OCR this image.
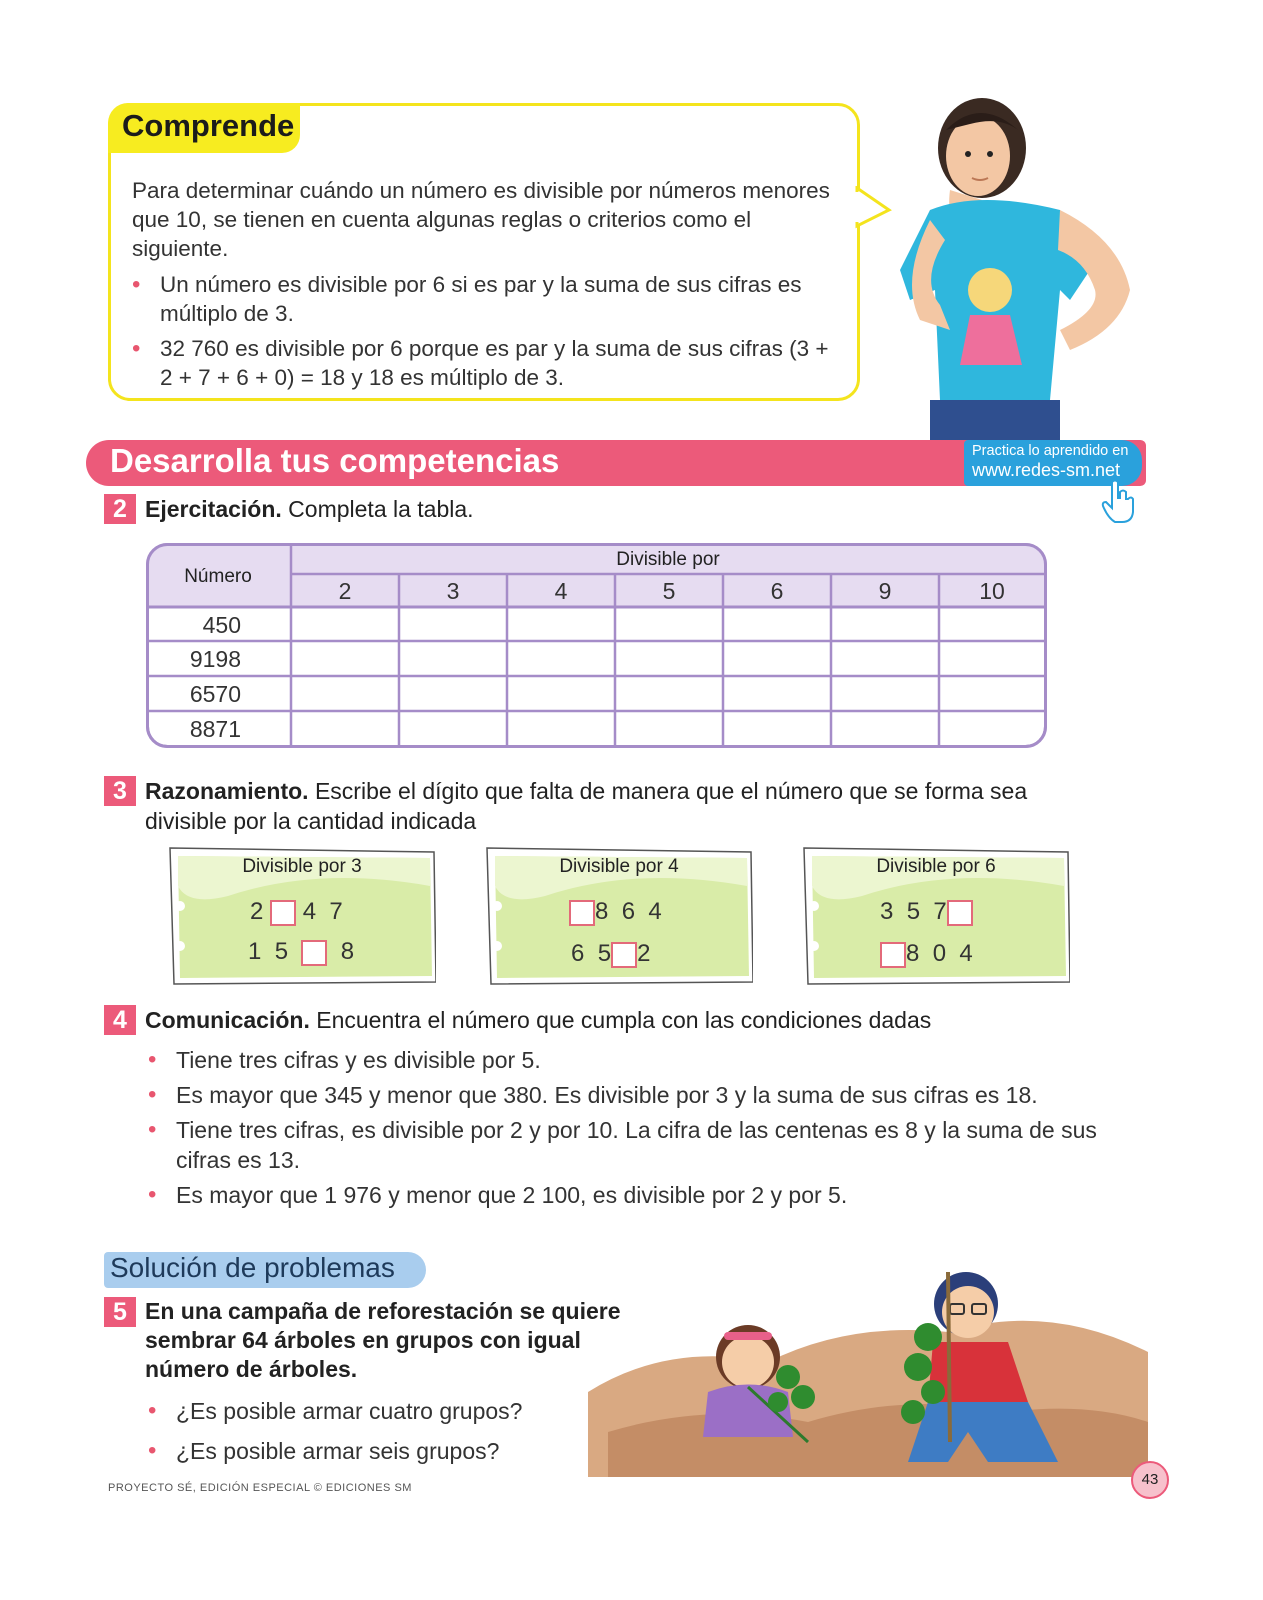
Comprende
Para determinar cuándo un número es divisible por números menores que 10, se tienen en cuenta algunas reglas o criterios como el siguiente.
• Un número es divisible por 6 si es par y la suma de sus cifras es múltiplo de 3.
• 32 760 es divisible por 6 porque es par y la suma de sus cifras (3 + 2 + 7 + 6 + 0) = 18 y 18 es múltiplo de 3.
Desarrolla tus competencias	Practica lo aprendido en
www.redes-sm.net
2 Ejercitación. Completa la tabla.
Número
Divisible por
2	3	4	5	6	9	10
450
9198
6570
8871
3 Razonamiento. Escribe el dígito que falta de manera que el número que se forma sea divisible por la cantidad indicada
Divisible por 3
2 4 7
1 5 8
Divisible por 4
8 6 4
6 5 2
Divisible por 6
3 5 7
8 0 4
4 Comunicación. Encuentra el número que cumpla con las condiciones dadas
• Tiene tres cifras y es divisible por 5.
• Es mayor que 345 y menor que 380. Es divisible por 3 y la suma de sus cifras es 18.
• Tiene tres cifras, es divisible por 2 y por 10. La cifra de las centenas es 8 y la suma de sus cifras es 13.
• Es mayor que 1 976 y menor que 2 100, es divisible por 2 y por 5.
Solución de problemas
5 En una campaña de reforestación se quiere sembrar 64 árboles en grupos con igual número de árboles.
• ¿Es posible armar cuatro grupos?
• ¿Es posible armar seis grupos?
PROYECTO SÉ, EDICIÓN ESPECIAL © EDICIONES SM	43
